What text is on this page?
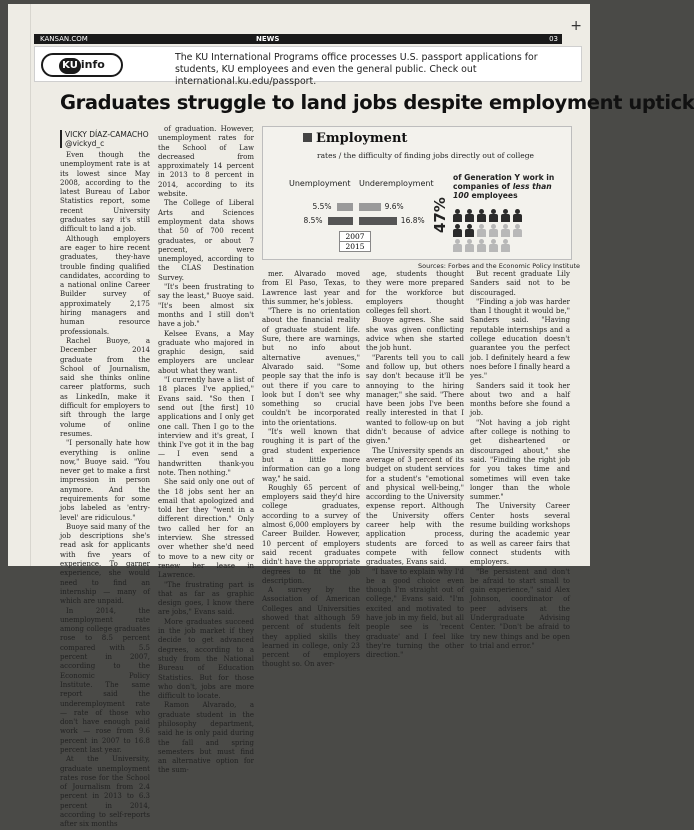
+
KANSAN.COM	NEWS	03
KU info
The KU International Programs office processes U.S. passport applications for students, KU employees and even the general public. Check out international.ku.edu/passport.
Graduates struggle to land jobs despite employment uptick
VICKY DÍAZ-CAMACHO
@vickyd_c

Even though the unemployment rate is at its lowest since May 2008, according to the latest Bureau of Labor Statistics report, some recent University graduates say it's still difficult to land a job.

Although employers are eager to hire recent graduates, they-have trouble finding qualified candidates, according to a national online Career Builder survey of approximately 2,175 hiring managers and human resource professionals.

Rachel Buoye, a December 2014 graduate from the School of Journalism, said she thinks online career platforms, such as LinkedIn, make it difficult for employers to sift through the large volume of online resumes.

"I personally hate how everything is online now," Buoye said. "You never get to make a first impression in person anymore. And the requirements for some jobs labeled as 'entry-level' are ridiculous."

Buoye said many of the job descriptions she's read ask for applicants with five years of experience. To garner experience, she would need to find an internship — many of which are unpaid.

In 2014, the unemployment rate among college graduates rose to 8.5 percent compared with 5.5 percent in 2007, according to the Economic Policy Institute. The same report said the underemployment rate — rate of those who don't have enough paid work — rose from 9.6 percent in 2007 to 16.8 percent last year.

At the University, graduate unemployment rates rose for the School of Journalism from 2.4 percent in 2013 to 6.3 percent in 2014, according to self-reports after six months

of graduation. However, unemployment rates for the School of Law decreased from approximately 14 percent in 2013 to 8 percent in 2014, according to its website.

The College of Liberal Arts and Sciences employment data shows that 50 of 700 recent graduates, or about 7 percent, were unemployed, according to the CLAS Destination Survey.

"It's been frustrating to say the least," Buoye said. "It's been almost six months and I still don't have a job."

Kelsee Evans, a May graduate who majored in graphic design, said employers are unclear about what they want.

"I currently have a list of 18 places I've applied," Evans said. "So then I send out [the first] 10 applications and I only get one call. Then I go to the interview and it's great, I think I've got it in the bag — I even send a handwritten thank-you note. Then nothing."

She said only one out of the 18 jobs sent her an email that apologized and told her they "went in a different direction." Only two called her for an interview. She stressed over whether she'd need to move to a new city or renew her lease in Lawrence.

"The frustrating part is that as far as graphic design goes, I know there are jobs," Evans said.

More graduates succeed in the job market if they decide to get advanced degrees, according to a study from the National Bureau of Education Statistics. But for those who don't, jobs are more difficult to locate.

Ramon Alvarado, a graduate student in the philosophy department, said he is only paid during the fall and spring semesters but must find an alternative option for the sum-

mer. Alvarado moved from El Paso, Texas, to Lawrence last year and this summer, he's jobless.

"There is no orientation about the financial reality of graduate student life. Sure, there are warnings, but no info about alternative avenues," Alvarado said. "Some people say that the info is out there if you care to look but I don't see why something so crucial couldn't be incorporated into the orientations.

"It's well known that roughing it is part of the grad student experience but a little more information can go a long way," he said.

Roughly 65 percent of employers said they'd hire college graduates, according to a survey of almost 6,000 employers by Career Builder. However, 10 percent of employers said recent graduates didn't have the appropriate degrees to fit the job description.

A survey by the Association of American Colleges and Universities showed that although 59 percent of students felt they applied skills they learned in college, only 23 percent of employers thought so. On aver-

age, students thought they were more prepared for the workforce but employers thought colleges fell short.

Buoye agrees. She said she was given conflicting advice when she started the job hunt.

"Parents tell you to call and follow up, but others say don't because it'll be annoying to the hiring manager," she said. "There have been jobs I've been really interested in that I wanted to follow-up on but didn't because of advice given."

The University spends an average of 3 percent of its budget on student services for a student's "emotional and physical well-being," according to the University expense report. Although the University offers career help with the application process, students are forced to compete with fellow graduates, Evans said.

"I have to explain why I'd be a good choice even though I'm straight out of college," Evans said. "I'm excited and motivated to have job in my field, but all people see is 'recent graduate' and I feel like they're turning the other direction."

But recent graduate Lily Sanders said not to be discouraged.

"Finding a job was harder than I thought it would be," Sanders said. "Having reputable internships and a college education doesn't guarantee you the perfect job. I definitely heard a few noes before I finally heard a yes."

Sanders said it took her about two and a half months before she found a job.

"Not having a job right after college is nothing to get disheartened or discouraged about," she said. "Finding the right job for you takes time and sometimes will even take longer than the whole summer."

The University Career Center hosts several resume building workshops during the academic year as well as career fairs that connect students with employers.

"Be persistent and don't be afraid to start small to gain experience," said Alex Johnson, coordinator of peer advisers at the Undergraduate Advising Center. "Don't be afraid to try new things and be open to trial and error."

Employment
rates / the difficulty of finding jobs directly out of college
Unemployment Underemployment
2007
2015
47%
of Generation Y work in companies of less than 100 employees
5.5%	9.6%
8.5%	16.8%
Sources: Forbes and the Economic Policy Institute
